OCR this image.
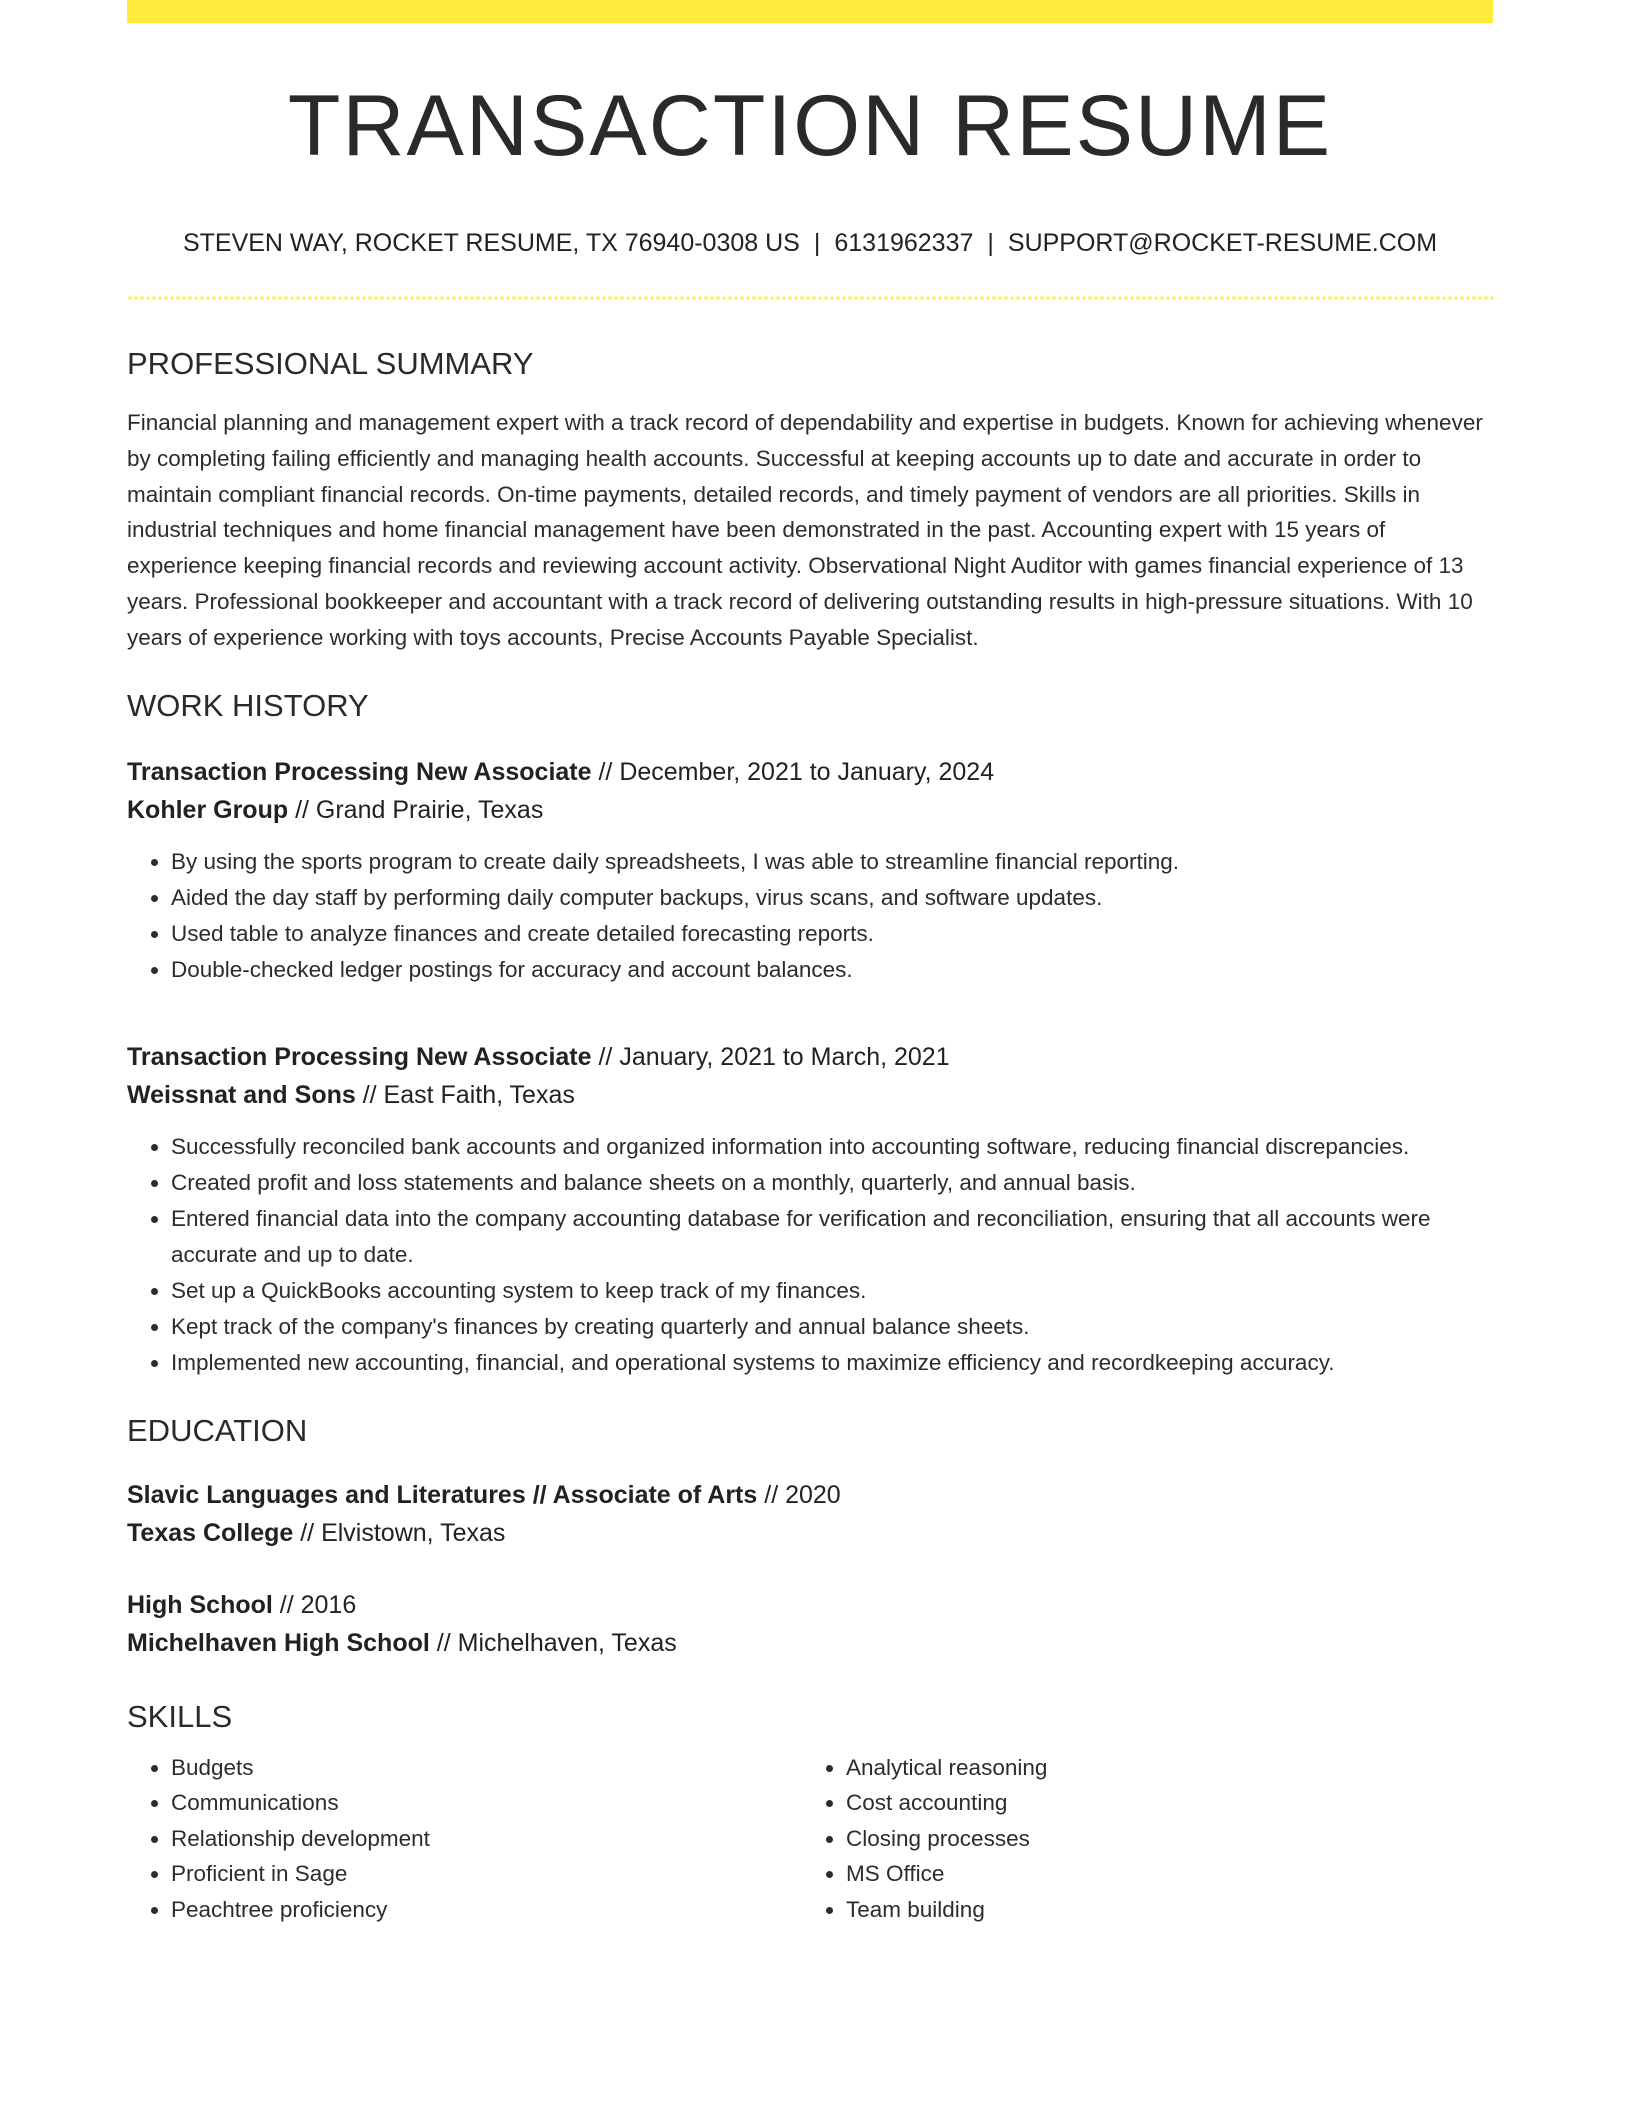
TRANSACTION RESUME
STEVEN WAY, ROCKET RESUME, TX 76940-0308 US | 6131962337 | SUPPORT@ROCKET-RESUME.COM
PROFESSIONAL SUMMARY

Financial planning and management expert with a track record of dependability and expertise in budgets. Known for achieving whenever by completing failing efficiently and managing health accounts. Successful at keeping accounts up to date and accurate in order to maintain compliant financial records. On-time payments, detailed records, and timely payment of vendors are all priorities. Skills in industrial techniques and home financial management have been demonstrated in the past. Accounting expert with 15 years of experience keeping financial records and reviewing account activity. Observational Night Auditor with games financial experience of 13 years. Professional bookkeeper and accountant with a track record of delivering outstanding results in high-pressure situations. With 10 years of experience working with toys accounts, Precise Accounts Payable Specialist.

WORK HISTORY
Transaction Processing New Associate // December, 2021 to January, 2024
Kohler Group // Grand Prairie, Texas
• By using the sports program to create daily spreadsheets, I was able to streamline financial reporting.
• Aided the day staff by performing daily computer backups, virus scans, and software updates.
• Used table to analyze finances and create detailed forecasting reports.
• Double-checked ledger postings for accuracy and account balances.
Transaction Processing New Associate // January, 2021 to March, 2021
Weissnat and Sons // East Faith, Texas
• Successfully reconciled bank accounts and organized information into accounting software, reducing financial discrepancies.
• Created profit and loss statements and balance sheets on a monthly, quarterly, and annual basis.
• Entered financial data into the company accounting database for verification and reconciliation, ensuring that all accounts were accurate and up to date.
• Set up a QuickBooks accounting system to keep track of my finances.
• Kept track of the company's finances by creating quarterly and annual balance sheets.
• Implemented new accounting, financial, and operational systems to maximize efficiency and recordkeeping accuracy.
EDUCATION
Slavic Languages and Literatures // Associate of Arts // 2020
Texas College // Elvistown, Texas
High School // 2016
Michelhaven High School // Michelhaven, Texas
SKILLS
• Budgets
• Communications
• Relationship development
• Proficient in Sage
• Peachtree proficiency
• Analytical reasoning
• Cost accounting
• Closing processes
• MS Office
• Team building
